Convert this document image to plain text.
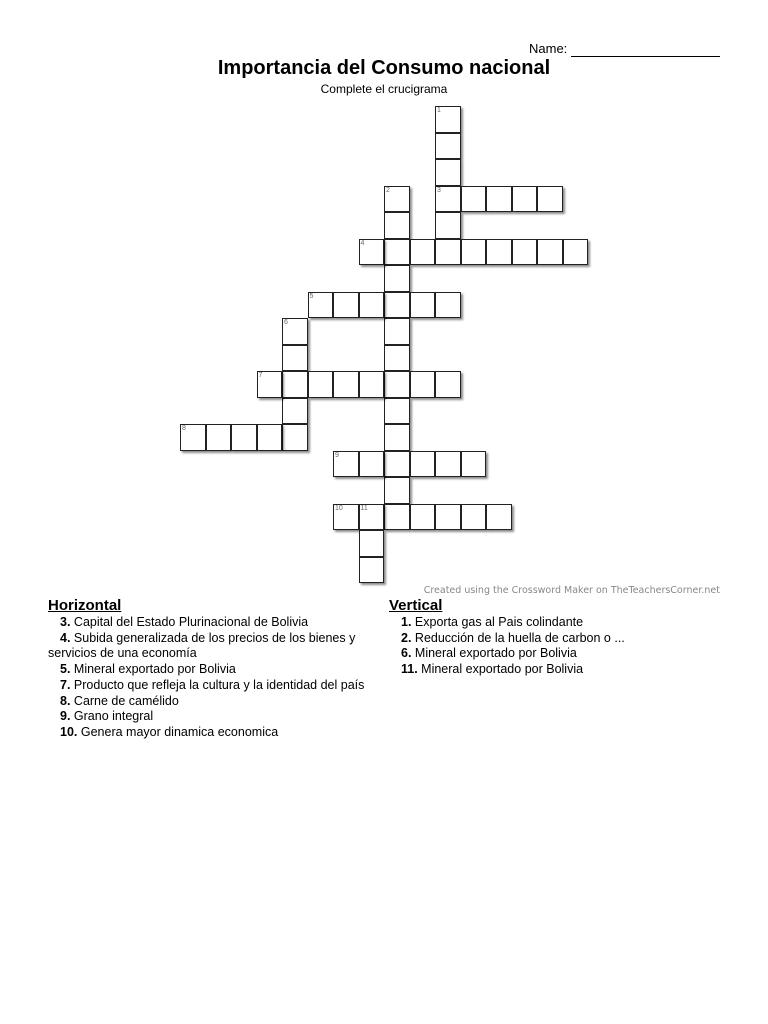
Name:
Importancia del Consumo nacional
Complete el crucigrama
1
3
2
4
5
6
7
8
9
10	11
Created using the Crossword Maker on TheTeachersCorner.net
Horizontal
3. Capital del Estado Plurinacional de Bolivia
4. Subida generalizada de los precios de los bienes y servicios de una economía
5. Mineral exportado por Bolivia
7. Producto que refleja la cultura y la identidad del país
8. Carne de camélido
9. Grano integral
10. Genera mayor dinamica economica
Vertical
1. Exporta gas al Pais colindante
2. Reducción de la huella de carbon o ...
6. Mineral exportado por Bolivia
11. Mineral exportado por Bolivia
